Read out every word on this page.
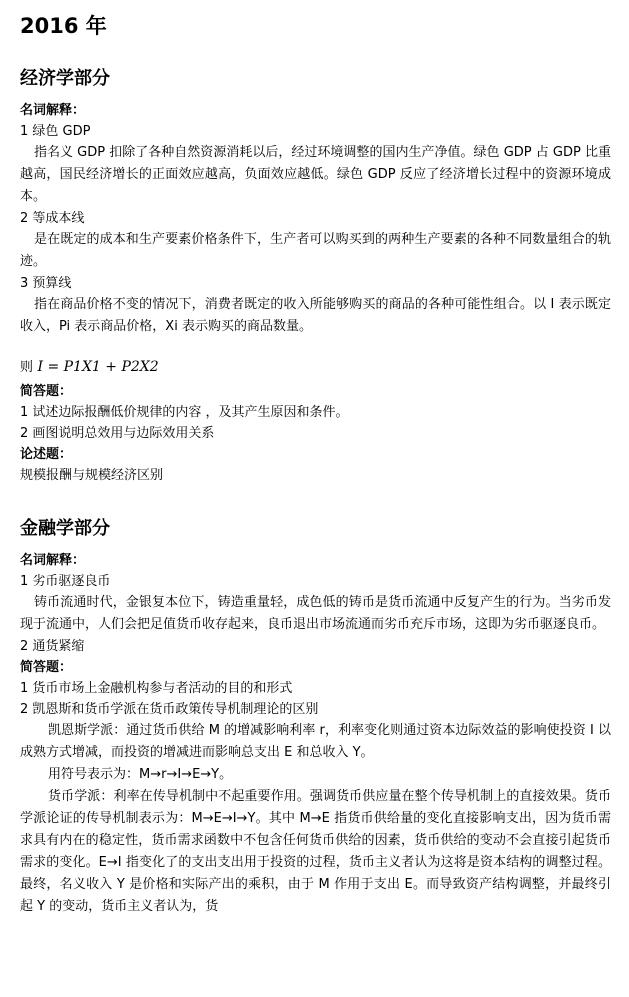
2016 年
经济学部分
名词解释：
1 绿色 GDP
指名义 GDP 扣除了各种自然资源消耗以后，经过环境调整的国内生产净值。绿色 GDP 占 GDP 比重越高，国民经济增长的正面效应越高，负面效应越低。绿色 GDP 反应了经济增长过程中的资源环境成本。
2 等成本线
是在既定的成本和生产要素价格条件下，生产者可以购买到的两种生产要素的各种不同数量组合的轨迹。
3 预算线
指在商品价格不变的情况下，消费者既定的收入所能够购买的商品的各种可能性组合。以 I 表示既定收入，Pi 表示商品价格，Xi 表示购买的商品数量。
则 I = P1X1 + P2X2
简答题：
1 试述边际报酬低价规律的内容 ，及其产生原因和条件。
2 画图说明总效用与边际效用关系
论述题：
规模报酬与规模经济区别
金融学部分
名词解释：
1 劣币驱逐良币
铸币流通时代，金银复本位下，铸造重量轻，成色低的铸币是货币流通中反复产生的行为。当劣币发现于流通中，人们会把足值货币收存起来，良币退出市场流通而劣币充斥市场，这即为劣币驱逐良币。
2 通货紧缩
简答题：
1 货币市场上金融机构参与者活动的目的和形式
2 凯恩斯和货币学派在货币政策传导机制理论的区别
凯恩斯学派：通过货币供给 M 的增减影响利率 r，利率变化则通过资本边际效益的影响使投资 I 以成熟方式增减，而投资的增减进而影响总支出 E 和总收入 Y。
用符号表示为：M→r→I→E→Y。
货币学派：利率在传导机制中不起重要作用。强调货币供应量在整个传导机制上的直接效果。货币学派论证的传导机制表示为：M→E→I→Y。其中 M→E 指货币供给量的变化直接影响支出，因为货币需求具有内在的稳定性，货币需求函数中不包含任何货币供给的因素，货币供给的变动不会直接引起货币需求的变化。E→I 指变化了的支出支出用于投资的过程，货币主义者认为这将是资本结构的调整过程。最终，名义收入 Y 是价格和实际产出的乘积，由于 M 作用于支出 E。而导致资产结构调整，并最终引起 Y 的变动，货币主义者认为，货
